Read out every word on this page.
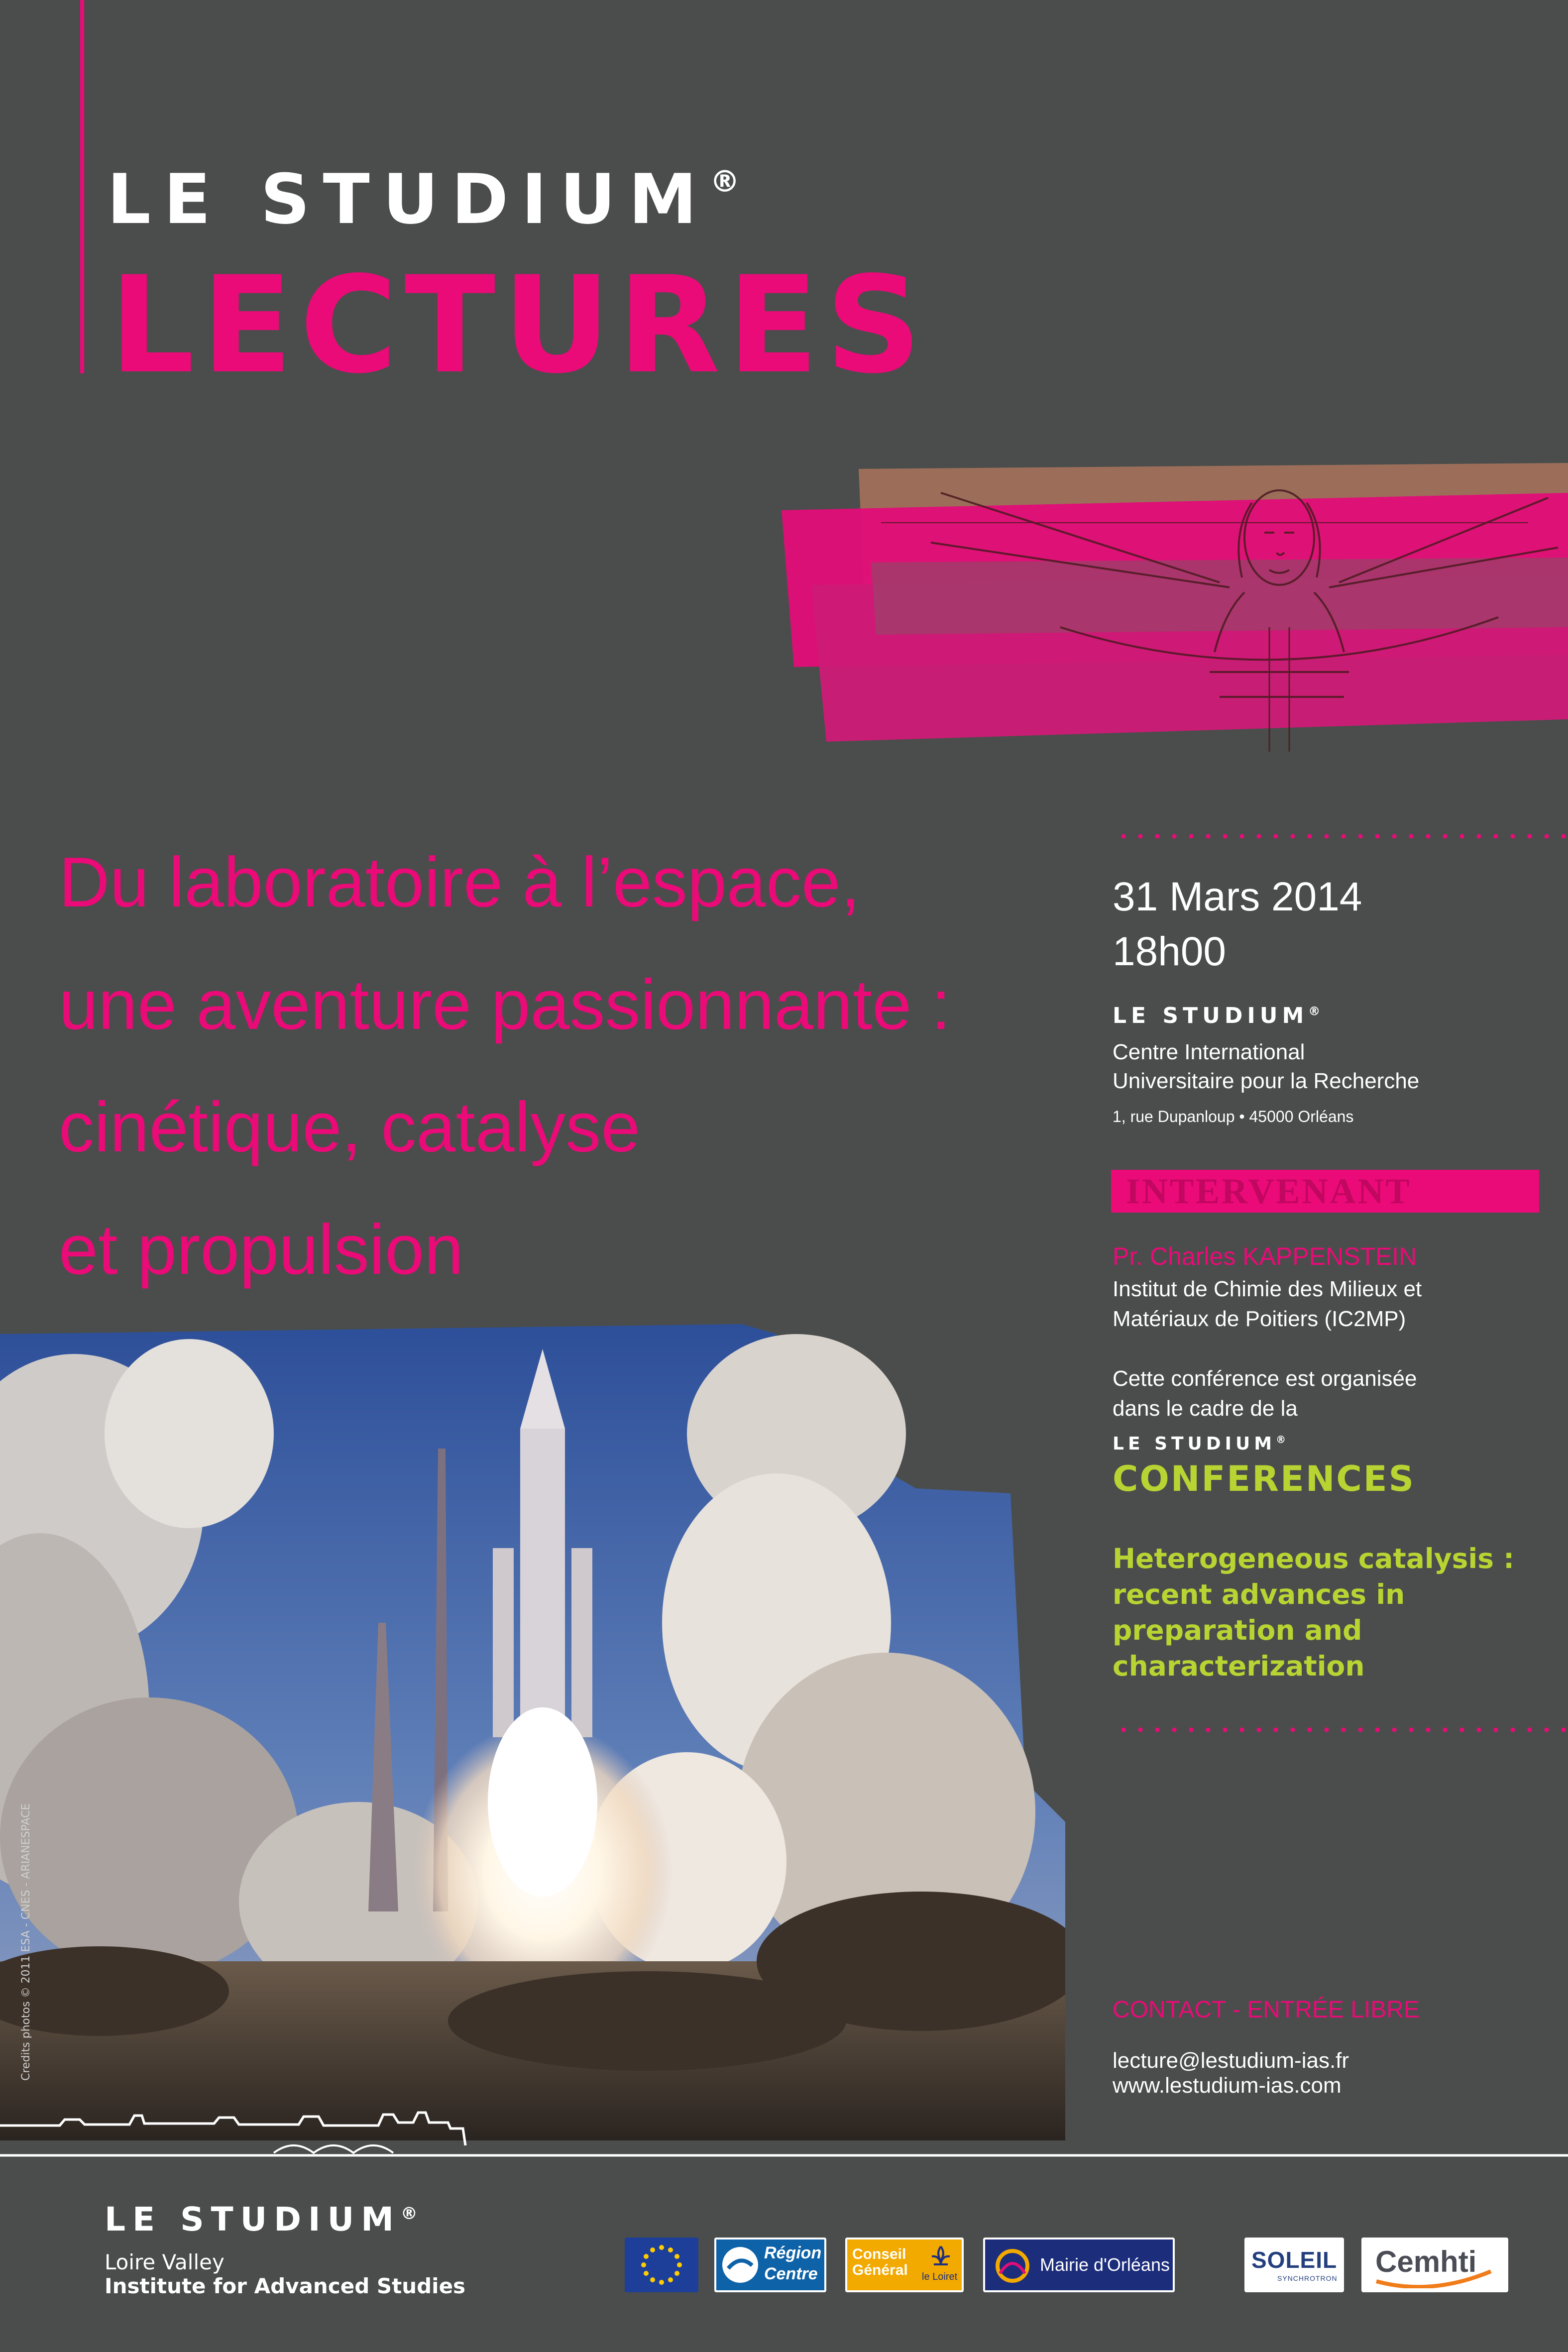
LE STUDIUM®
LECTURES
Du laboratoire à l’espace,
une aventure passionnante :
cinétique, catalyse
et propulsion
Credits photos © 2011 ESA - CNES - ARIANESPACE
31 Mars 2014
18h00
LE STUDIUM®
Centre International
Universitaire pour la Recherche
1, rue Dupanloup • 45000 Orléans
INTERVENANT
Pr. Charles KAPPENSTEIN
Institut de Chimie des Milieux et
Matériaux de Poitiers (IC2MP)
Cette conférence est organisée
dans le cadre de la
LE STUDIUM®
CONFERENCES
Heterogeneous catalysis :
recent advances in
preparation and
characterization
CONTACT - ENTRÉE LIBRE
lecture@lestudium-ias.fr
www.lestudium-ias.com
LE STUDIUM®
Loire Valley
Institute for Advanced Studies
Région
Centre
Conseil
Général le Loiret
Mairie d'Orléans	SOLEIL
SYNCHROTRON Cemhti
